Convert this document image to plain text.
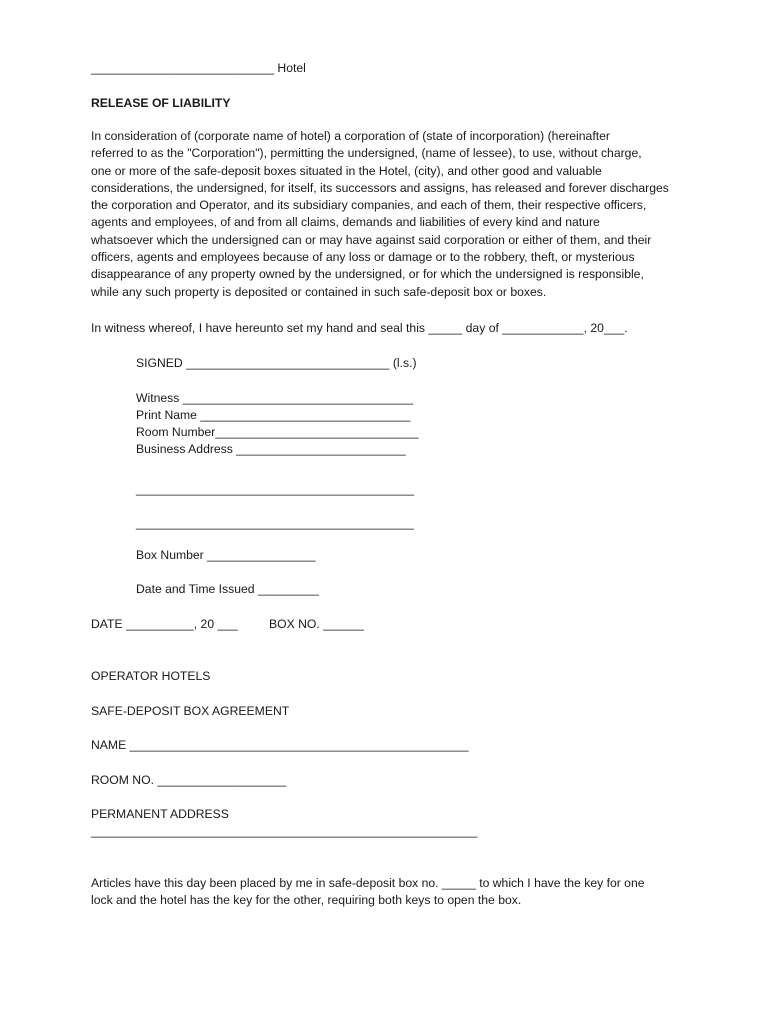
___________________________ Hotel

RELEASE OF LIABILITY

In consideration of (corporate name of hotel) a corporation of (state of incorporation) (hereinafter
referred to as the "Corporation"), permitting the undersigned, (name of lessee), to use, without charge,
one or more of the safe-deposit boxes situated in the Hotel, (city), and other good and valuable
considerations, the undersigned, for itself, its successors and assigns, has released and forever discharges
the corporation and Operator, and its subsidiary companies, and each of them, their respective officers,
agents and employees, of and from all claims, demands and liabilities of every kind and nature
whatsoever which the undersigned can or may have against said corporation or either of them, and their
officers, agents and employees because of any loss or damage or to the robbery, theft, or mysterious
disappearance of any property owned by the undersigned, or for which the undersigned is responsible,
while any such property is deposited or contained in such safe-deposit box or boxes.

In witness whereof, I have hereunto set my hand and seal this _____ day of ____________, 20___.

SIGNED ______________________________ (l.s.)

Witness __________________________________

Print Name _______________________________

Room Number______________________________

Business Address _________________________

_________________________________________

_________________________________________

Box Number ________________

Date and Time Issued _________

DATE __________, 20 ___	BOX NO. ______

OPERATOR HOTELS

SAFE-DEPOSIT BOX AGREEMENT

NAME __________________________________________________

ROOM NO. ___________________

PERMANENT ADDRESS

_________________________________________________________

Articles have this day been placed by me in safe-deposit box no. _____ to which I have the key for one
lock and the hotel has the key for the other, requiring both keys to open the box.
